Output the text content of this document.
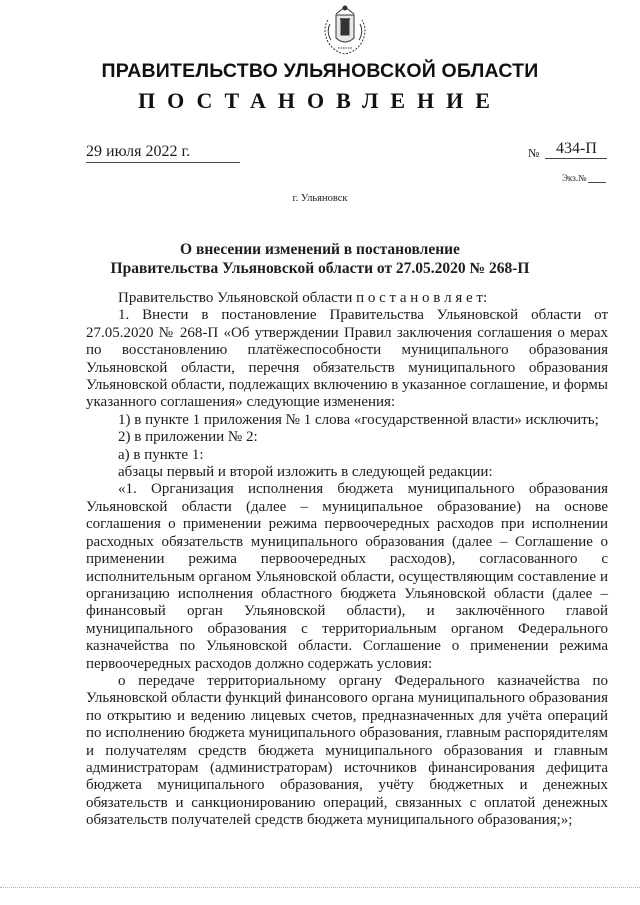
ПРАВИТЕЛЬСТВО УЛЬЯНОВСКОЙ ОБЛАСТИ
ПОСТАНОВЛЕНИЕ
29 июля 2022 г.	№ 434-П
Экз.№
г. Ульяновск
О внесении изменений в постановление
Правительства Ульяновской области от 27.05.2020 № 268-П

Правительство Ульяновской области п о с т а н о в л я е т:

1. Внести в постановление Правительства Ульяновской области от 27.05.2020 № 268-П «Об утверждении Правил заключения соглашения о мерах по восстановлению платёжеспособности муниципального образования Ульяновской области, перечня обязательств муниципального образования Ульяновской области, подлежащих включению в указанное соглашение, и формы указанного соглашения» следующие изменения:

1) в пункте 1 приложения № 1 слова «государственной власти» исключить;

2) в приложении № 2:

а) в пункте 1:

абзацы первый и второй изложить в следующей редакции:

«1. Организация исполнения бюджета муниципального образования Ульяновской области (далее – муниципальное образование) на основе соглашения о применении режима первоочередных расходов при исполнении расходных обязательств муниципального образования (далее – Соглашение о применении режима первоочередных расходов), согласованного с исполнительным органом Ульяновской области, осуществляющим составление и организацию исполнения областного бюджета Ульяновской области (далее – финансовый орган Ульяновской области), и заключённого главой муниципального образования с территориальным органом Федерального казначейства по Ульяновской области. Соглашение о применении режима первоочередных расходов должно содержать условия:

о передаче территориальному органу Федерального казначейства по Ульяновской области функций финансового органа муниципального образования по открытию и ведению лицевых счетов, предназначенных для учёта операций по исполнению бюджета муниципального образования, главным распорядителям и получателям средств бюджета муниципального образования и главным администраторам (администраторам) источников финансирования дефицита бюджета муниципального образования, учёту бюджетных и денежных обязательств и санкционированию операций, связанных с оплатой денежных обязательств получателей средств бюджета муниципального образования;»;
